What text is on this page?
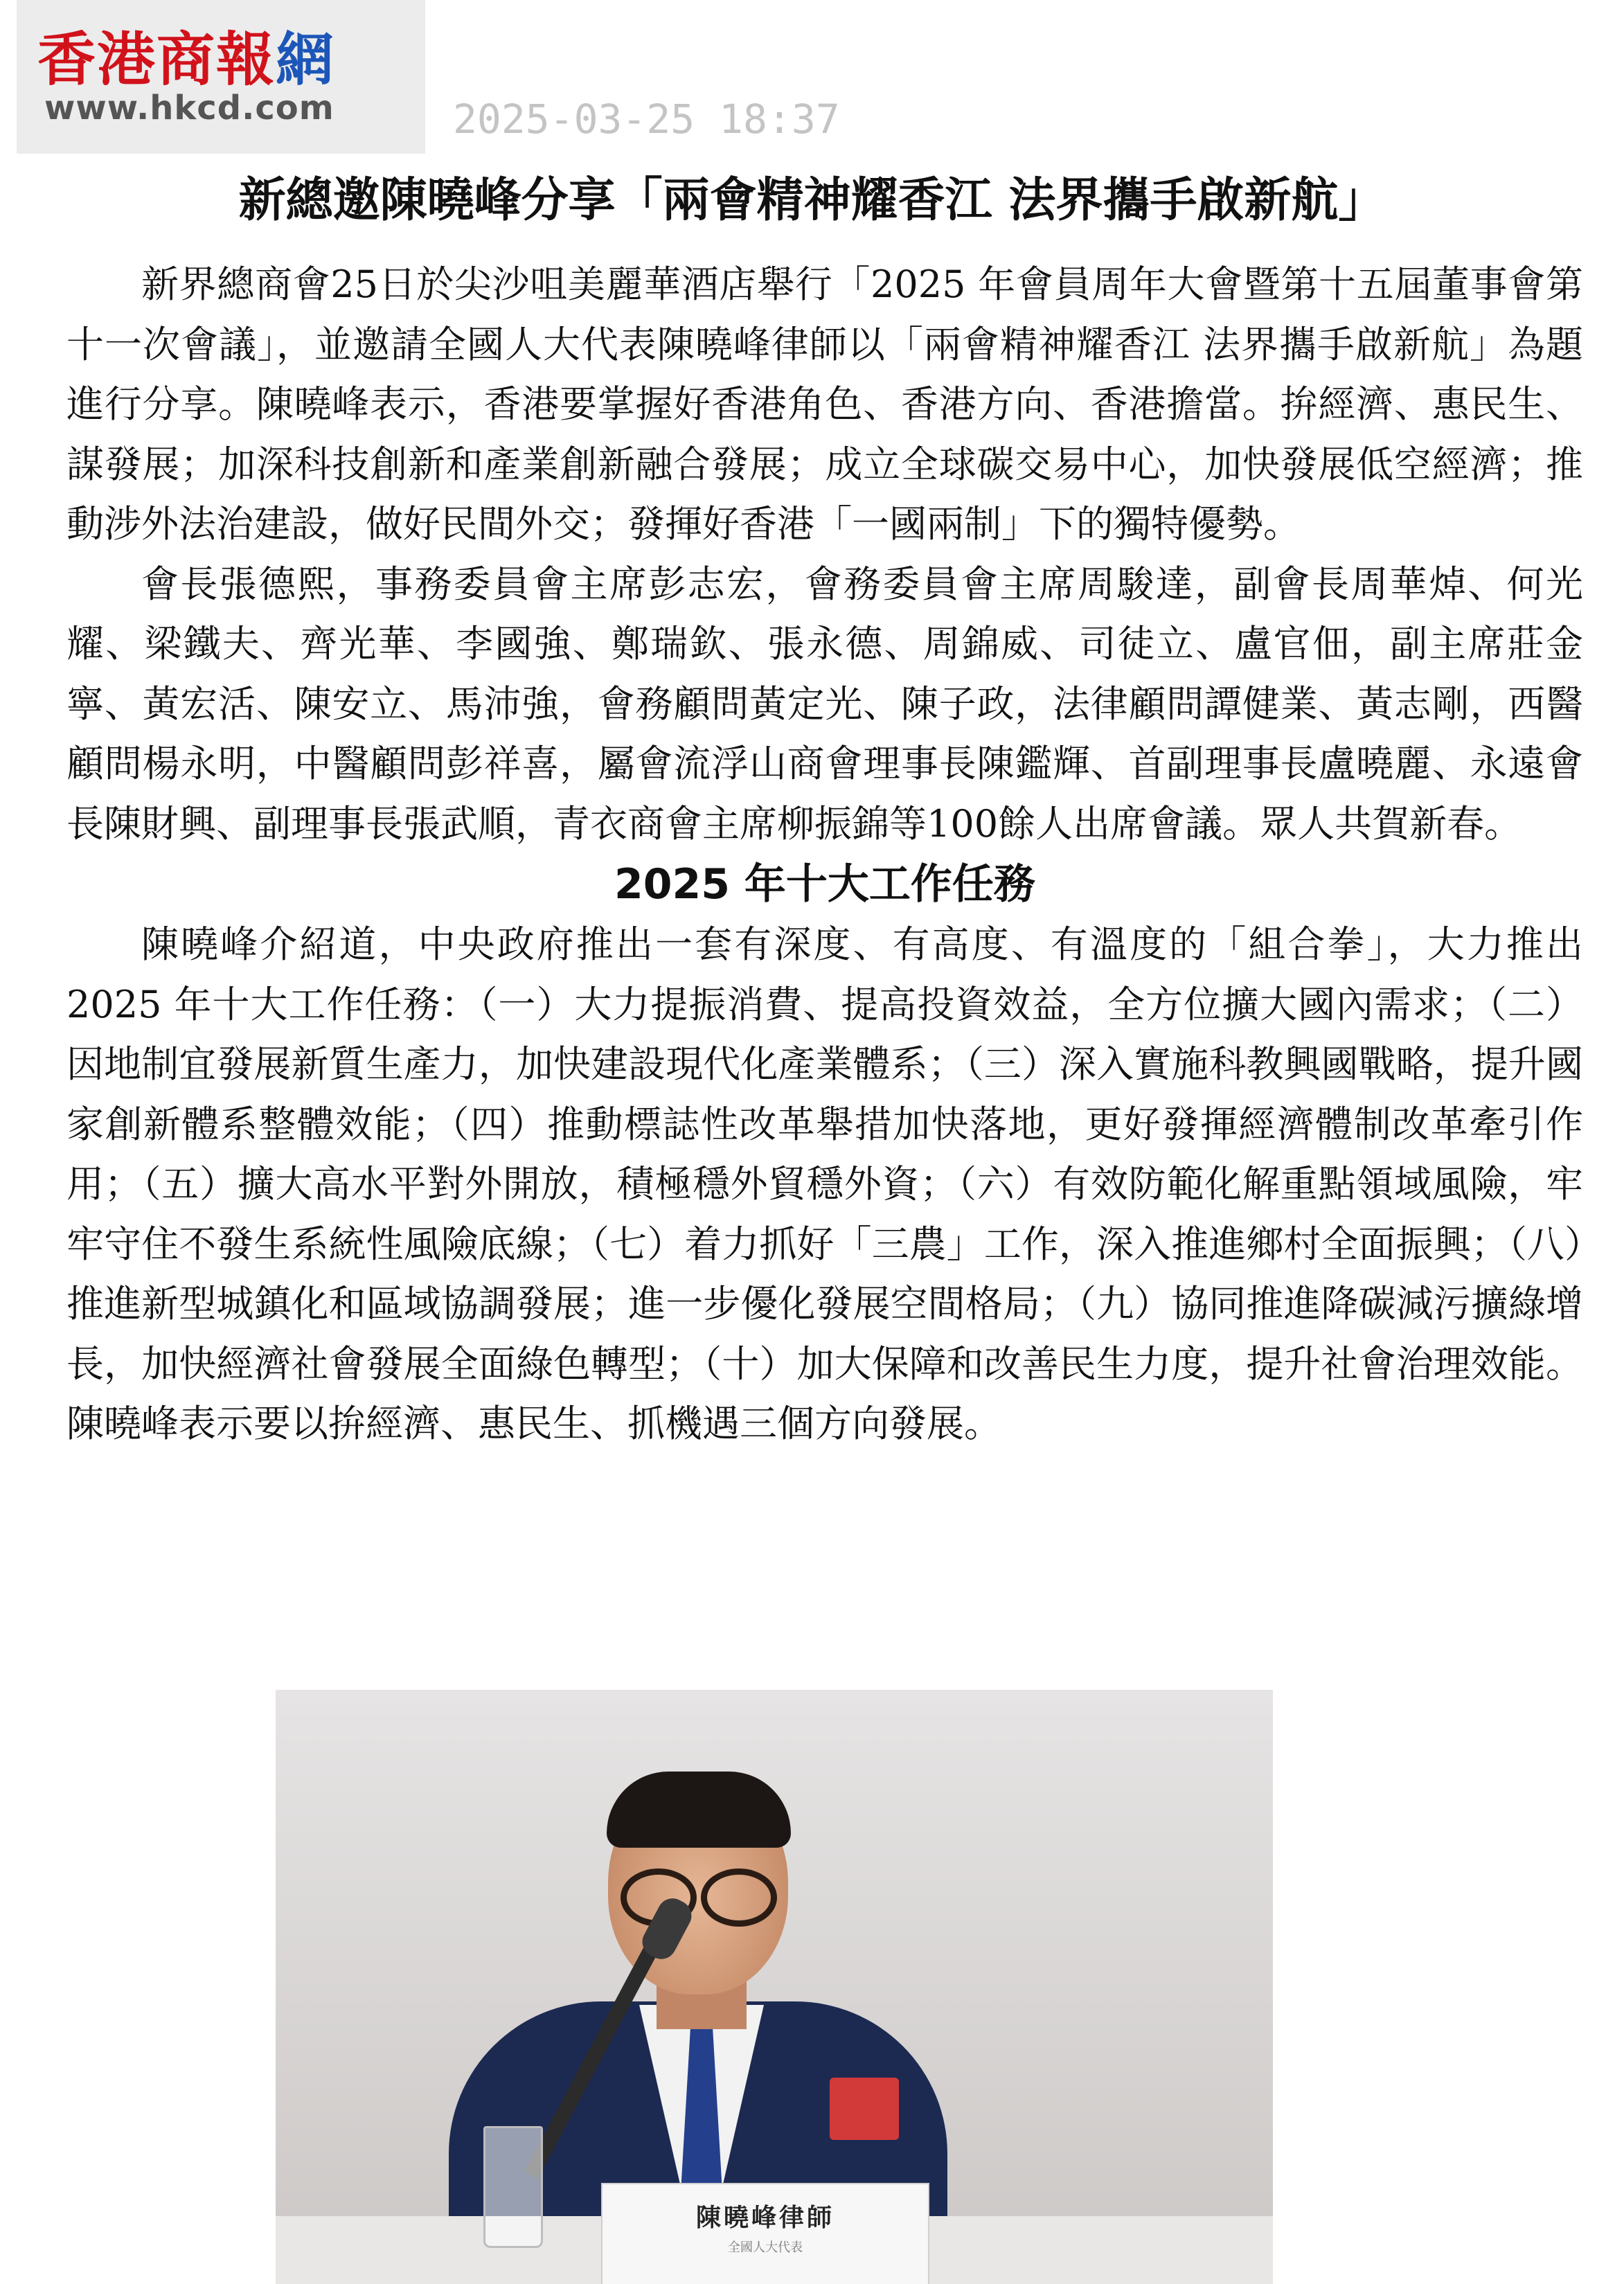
香港商報網
www.hkcd.com	2025-03-25 18:37
新總邀陳曉峰分享「兩會精神耀香江 法界攜手啟新航」

新界總商會25日於尖沙咀美麗華酒店舉行「2025 年會員周年大會暨第十五屆董事會第十一次會議」，並邀請全國人大代表陳曉峰律師以「兩會精神耀香江 法界攜手啟新航」為題進行分享。陳曉峰表示，香港要掌握好香港角色、香港方向、香港擔當。拚經濟、惠民生、謀發展；加深科技創新和產業創新融合發展；成立全球碳交易中心，加快發展低空經濟；推動涉外法治建設，做好民間外交；發揮好香港「一國兩制」下的獨特優勢。

會長張德熙，事務委員會主席彭志宏，會務委員會主席周駿達，副會長周華焯、何光耀、梁鐵夫、齊光華、李國強、鄭瑞欽、張永德、周錦威、司徒立、盧官佃，副主席莊金寧、黃宏活、陳安立、馬沛強，會務顧問黃定光、陳子政，法律顧問譚健業、黃志剛，西醫顧問楊永明，中醫顧問彭祥喜，屬會流浮山商會理事長陳鑑輝、首副理事長盧曉麗、永遠會長陳財興、副理事長張武順，青衣商會主席柳振錦等100餘人出席會議。眾人共賀新春。

2025 年十大工作任務

陳曉峰介紹道，中央政府推出一套有深度、有高度、有溫度的「組合拳」，大力推出2025 年十大工作任務：（一）大力提振消費、提高投資效益，全方位擴大國內需求；（二）因地制宜發展新質生產力，加快建設現代化產業體系；（三）深入實施科教興國戰略，提升國家創新體系整體效能；（四）推動標誌性改革舉措加快落地，更好發揮經濟體制改革牽引作用；（五）擴大高水平對外開放，積極穩外貿穩外資；（六）有效防範化解重點領域風險，牢牢守住不發生系統性風險底線；（七）着力抓好「三農」工作，深入推進鄉村全面振興；（八）推進新型城鎮化和區域協調發展；進一步優化發展空間格局；（九）協同推進降碳減污擴綠增長，加快經濟社會發展全面綠色轉型；（十）加大保障和改善民生力度，提升社會治理效能。陳曉峰表示要以拚經濟、惠民生、抓機遇三個方向發展。

陳曉峰律師
全國人大代表
